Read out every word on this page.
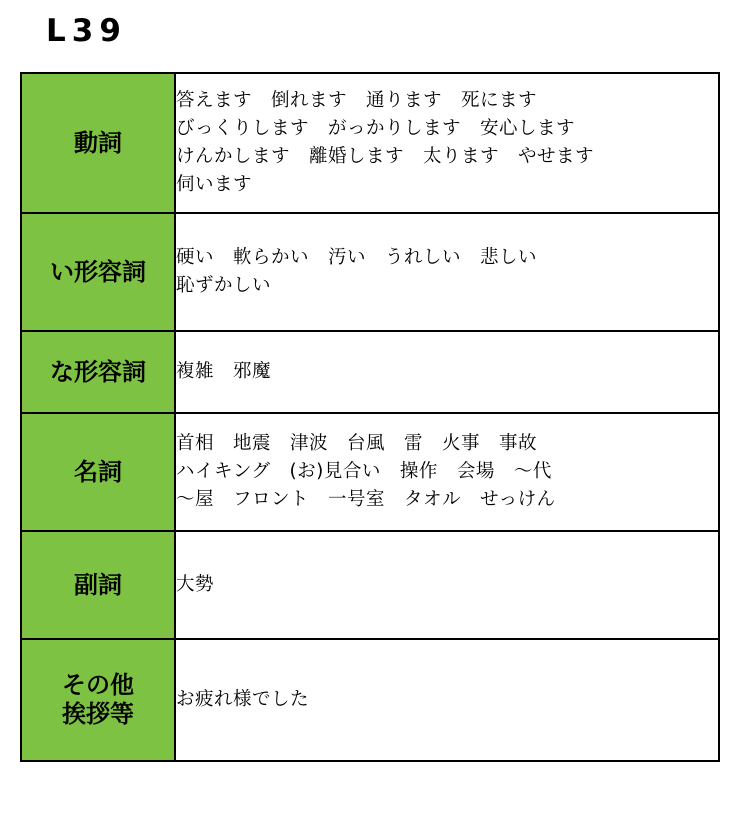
L39
動詞	答えます　倒れます　通ります　死にます
びっくりします　がっかりします　安心します
けんかします　離婚します　太ります　やせます
伺います

い形容詞	硬い　軟らかい　汚い　うれしい　悲しい
恥ずかしい

な形容詞	複雑　邪魔

名詞	首相　地震　津波　台風　雷　火事　事故
ハイキング　(お)見合い　操作　会場　〜代
〜屋　フロント　一号室　タオル　せっけん

副詞	大勢

その他
挨拶等	お疲れ様でした
